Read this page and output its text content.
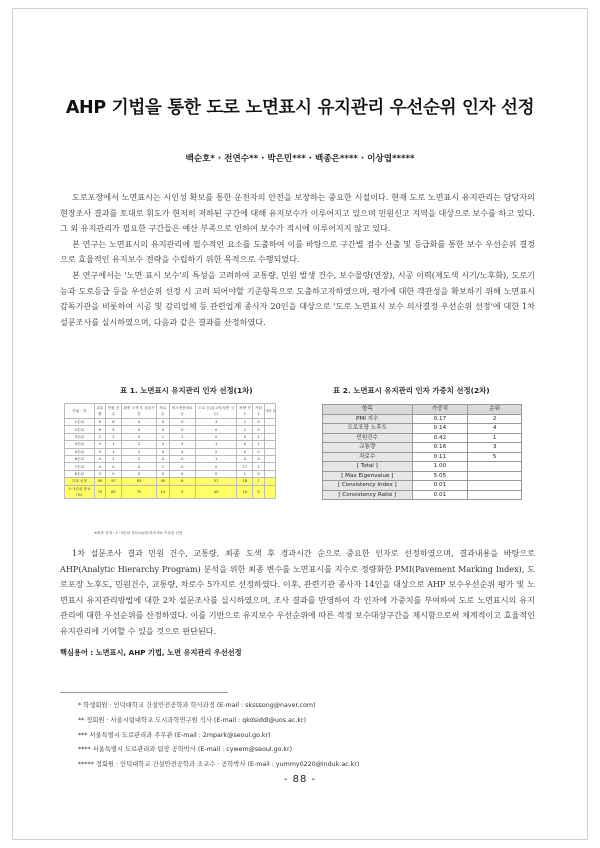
AHP 기법을 통한 도로 노면표시 유지관리 우선순위 인자 선정
백순호* · 전연수** · 박은민*** · 백종은**** · 이상엽*****

도로포장에서 노면표시는 시인성 확보를 통한 운전자의 안전을 보장하는 중요한 시설이다. 현재 도로 노면표시 유지관리는 담당자의 현장조사 결과를 토대로 휘도가 현저히 저하된 구간에 대해 유지보수가 이루어지고 있으며 민원신고 지역을 대상으로 보수를 하고 있다. 그 외 유지관리가 필요한 구간들은 예산 부족으로 인하여 보수가 적시에 이루어지지 않고 있다.

본 연구는 노면표시의 유지관리에 필수적인 요소를 도출하여 이를 바탕으로 구간별 점수 산출 및 등급화를 통한 보수 우선순위 결정으로 효율적인 유지보수 전략을 수립하기 위한 목적으로 수행되었다.

본 연구에서는 '노면 표시 보수'의 특성을 고려하여 교통량, 민원 발생 건수, 보수물량(연장), 시공 이력(제도색 시기/노후화), 도로기능과 도로등급 등을 우선순위 선정 시 고려 되어야할 기준항목으로 도출하고자하였으며, 평가에 대한 객관성을 확보하기 위해 노면표시 감독기관을 비롯하여 시공 및 감리업체 등 관련업계 종사자 20인을 대상으로 '도로 노면표시 보수 의사결정 우선순위 선정'에 대한 1차 설문조사를 실시하였으며, 다음과 같은 결과를 산정하였다.

표 1. 노면표시 유지관리 인자 선정(1차)	표 2. 노면표시 유지관리 인자 가중치 선정(2차)
단위 : 건	교통량	민원 건수	최종 도색 후 경과시간	차로 수	버스전용차로 등	도로 등급(고속/일반 국도)	차량 속도	기타 1	기타 2
1순위	6	6	4	0	0	3	1	0	
2순위	6	5	0	0	0	0	1	0	
3순위	2	2	5	1	1	0	5	1	
4순위	0	1	2	3	3	1	0	1	
5순위	0	1	2	0	4	2	0	0	
6순위	0	1	2	0	0	1	0	0	
7순위	0	0	0	1	0	0	17	1	
8순위	0	0	0	0	0	0	1	0	
특점 선정	90	97	83	45	8	57	18	7	
1~3순위 중요(%)	70	85	70	15	5	40	10	5	
※최종 선정 : 1~3순위 중요(%)에 따라 0% 이상을 선정
항목	가중치	순위
PMI 지수	0.17	2
도로포장 노후도	0.14	4
민원건수	0.42	1
교통량	0.16	3
차로수	0.11	5
[ Total ]	1.00	
[ Max Eigenvalue ]	5.05	
[ Consistency Index ]	0.01	
[ Consistency Ratio ]	0.01	

1차 설문조사 결과 민원 건수, 교통량, 최종 도색 후 경과시간 순으로 중요한 인자로 선정하였으며, 결과내용을 바탕으로 AHP(Analytic Hierarchy Program) 분석을 위한 최종 변수를 노면표시를 지수로 정량화한 PMI(Pavement Marking Index), 도로포장 노후도, 민원건수, 교통량, 차로수 5가지로 선정하였다. 이후, 관련기관 종사자 14인을 대상으로 AHP 보수우선순위 평가 및 노면표시 유지관리방법에 대한 2차 설문조사를 실시하였으며, 조사 결과를 반영하여 각 인자에 가중치를 부여하여 도로 노면표시의 유지관리에 대한 우선순위를 산정하였다. 이를 기반으로 유지보수 우선순위에 따른 적정 보수대상구간을 제시함으로써 체계적이고 효율적인 유지관리에 기여할 수 있을 것으로 판단된다.

핵심용어 : 노면표시, AHP 기법, 노면 유지관리 우선선정
* 학생회원 · 인덕대학교 건설안전공학과 학사과정 (E-mail : sksssong@naver.com)
** 정회원 · 서울시립대학교 도시과학연구원 석사 (E-mail : qkdsiddl@uos.ac.kr)
*** 서울특별시 도로관리과 주무관 (E-mail : 2mpark@seoul.go.kr)
**** 서울특별시 도로관리과 팀장 공학박사 (E-mail : cywem@seoul.go.kr)
***** 정회원 · 인덕대학교 건설안전공학과 조교수 · 공학박사 (E-mail : yummy0220@induk.ac.kr)
- 88 -
